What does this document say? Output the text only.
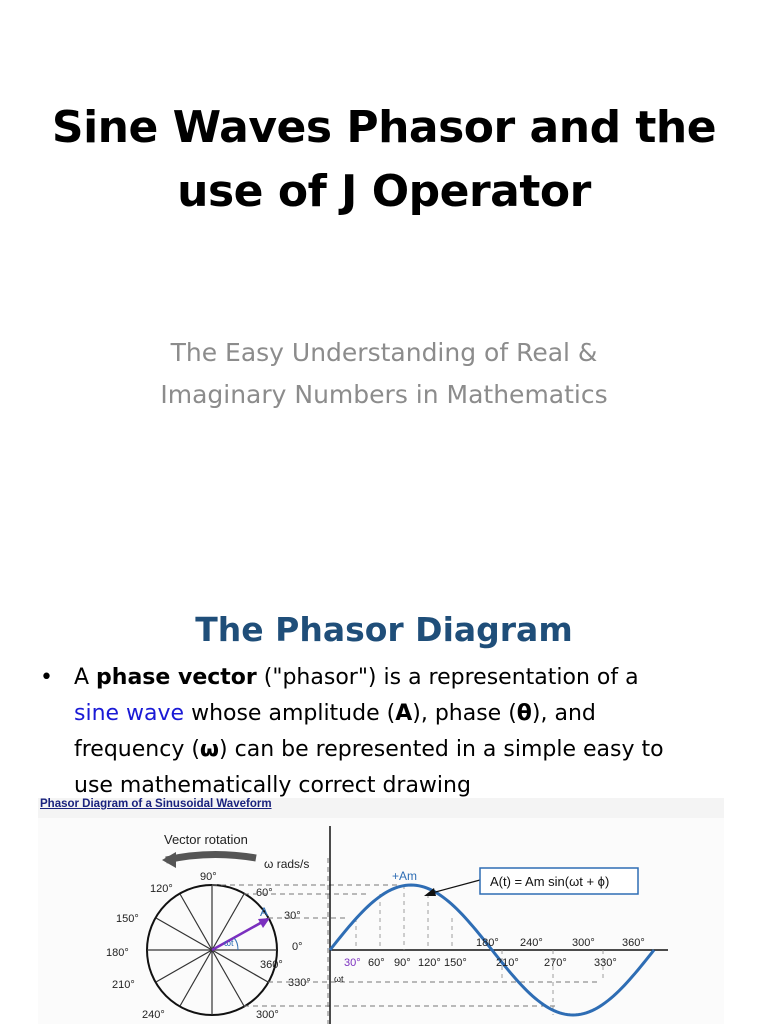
Sine Waves Phasor and the
use of J Operator
The Easy Understanding of Real &
Imaginary Numbers in Mathematics
The Phasor Diagram
• A phase vector ("phasor") is a representation of a
sine wave whose amplitude (A), phase (θ), and
frequency (ω) can be represented in a simple easy to
use mathematically correct drawing
Vector rotation
ω rads/s
A
ωt
90°
60°
30°
0°
360°
330°
300°
240°
210°
180°
150°
120°
+Am	A(t) = Am sin(ωt + ϕ)
180° 240°	300° 360°
30° 60° 90° 120° 150°	210° 270° 330°
ωt
Phasor Diagram of a Sinusoidal Waveform
